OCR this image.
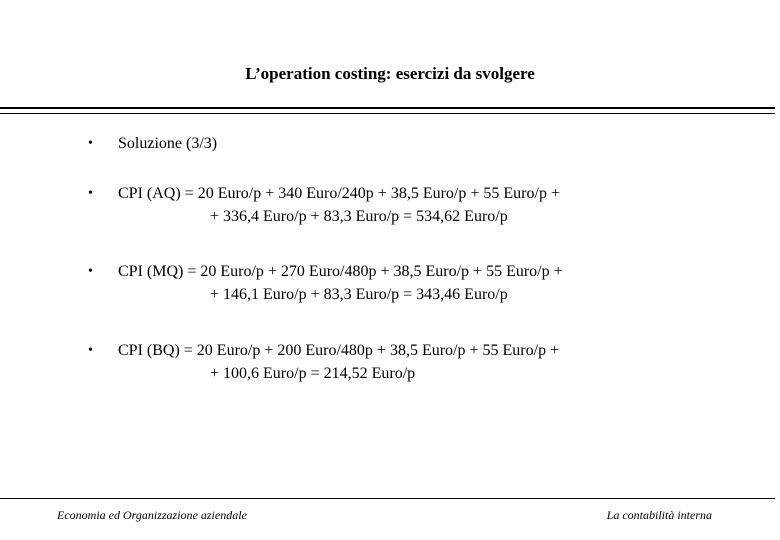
L’operation costing: esercizi da svolgere
• Soluzione (3/3)
• CPI (AQ) = 20 Euro/p + 340 Euro/240p + 38,5 Euro/p + 55 Euro/p +
+ 336,4 Euro/p + 83,3 Euro/p = 534,62 Euro/p
• CPI (MQ) = 20 Euro/p + 270 Euro/480p + 38,5 Euro/p + 55 Euro/p +
+ 146,1 Euro/p + 83,3 Euro/p = 343,46 Euro/p
• CPI (BQ) = 20 Euro/p + 200 Euro/480p + 38,5 Euro/p + 55 Euro/p +
+ 100,6 Euro/p = 214,52 Euro/p
Economia ed Organizzazione aziendale	La contabilità interna
